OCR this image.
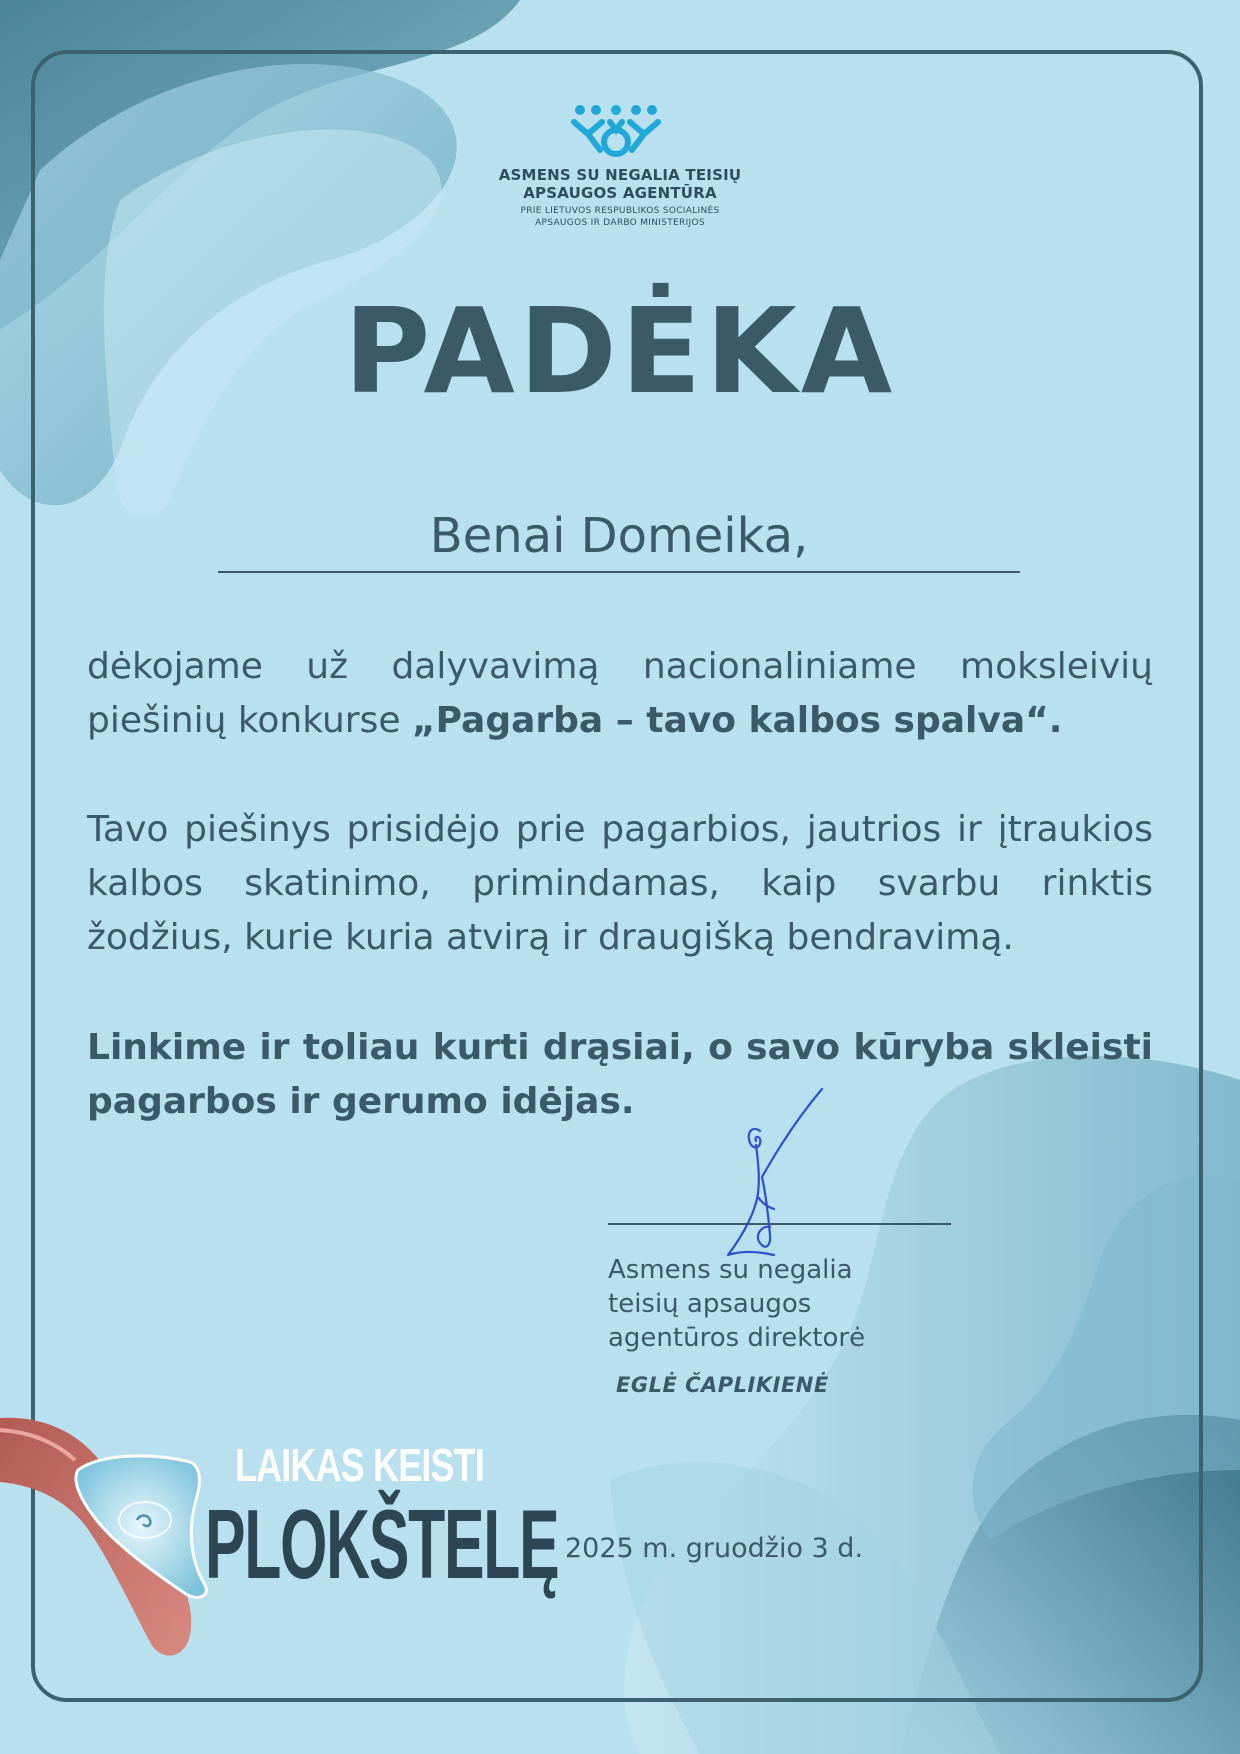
ASMENS SU NEGALIA TEISIŲ
APSAUGOS AGENTŪRA
PRIE LIETUVOS RESPUBLIKOS SOCIALINĖS
APSAUGOS IR DARBO MINISTERIJOS
PADĖKA
Benai Domeika,
dėkojame už dalyvavimą nacionaliniame moksleivių piešinių konkurse „Pagarba – tavo kalbos spalva“.
Tavo piešinys prisidėjo prie pagarbios, jautrios ir įtraukios kalbos skatinimo, primindamas, kaip svarbu rinktis žodžius, kurie kuria atvirą ir draugišką bendravimą.
Linkime ir toliau kurti drąsiai, o savo kūryba skleisti pagarbos ir gerumo idėjas.
Asmens su negalia
teisių apsaugos
agentūros direktorė
EGLĖ ČAPLIKIENĖ
2025 m. gruodžio 3 d.
LAIKAS KEISTI
PLOKŠTELĘ
